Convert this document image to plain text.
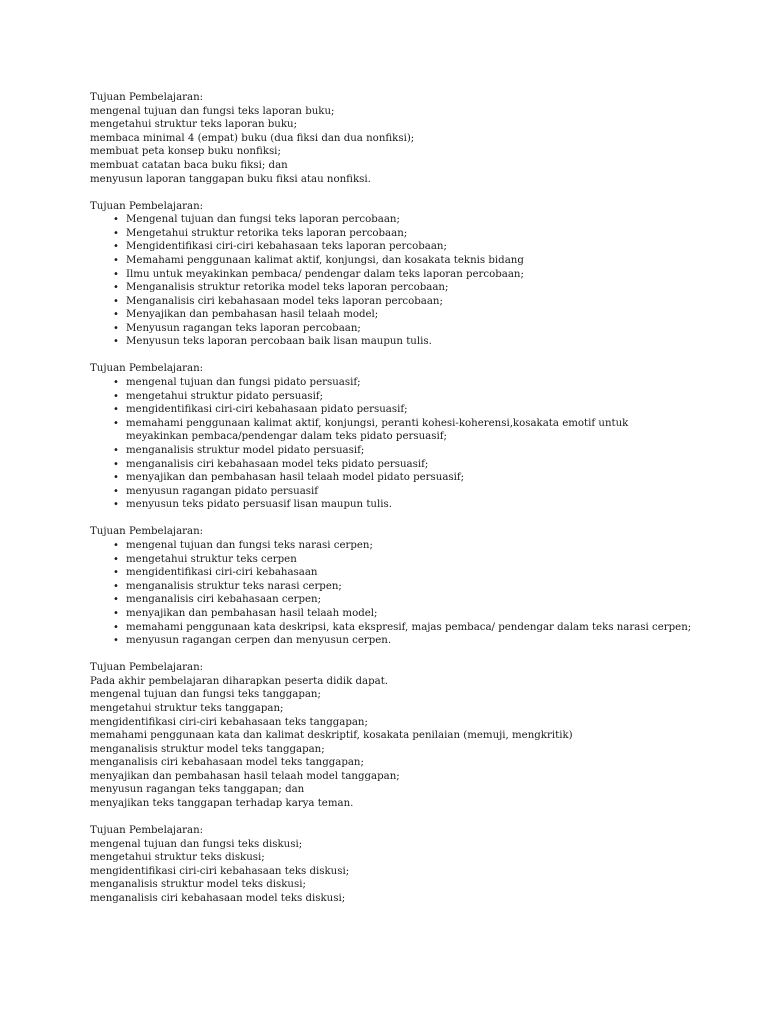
Tujuan Pembelajaran:
mengenal tujuan dan fungsi teks laporan buku;
mengetahui struktur teks laporan buku;
membaca minimal 4 (empat) buku (dua fiksi dan dua nonfiksi);
membuat peta konsep buku nonfiksi;
membuat catatan baca buku fiksi; dan
menyusun laporan tanggapan buku fiksi atau nonfiksi.
Tujuan Pembelajaran:
• Mengenal tujuan dan fungsi teks laporan percobaan;
• Mengetahui struktur retorika teks laporan percobaan;
• Mengidentifikasi ciri-ciri kebahasaan teks laporan percobaan;
• Memahami penggunaan kalimat aktif, konjungsi, dan kosakata teknis bidang
• Ilmu untuk meyakinkan pembaca/ pendengar dalam teks laporan percobaan;
• Menganalisis struktur retorika model teks laporan percobaan;
• Menganalisis ciri kebahasaan model teks laporan percobaan;
• Menyajikan dan pembahasan hasil telaah model;
• Menyusun ragangan teks laporan percobaan;
• Menyusun teks laporan percobaan baik lisan maupun tulis.
Tujuan Pembelajaran:
• mengenal tujuan dan fungsi pidato persuasif;
• mengetahui struktur pidato persuasif;
• mengidentifikasi ciri-ciri kebahasaan pidato persuasif;
• memahami penggunaan kalimat aktif, konjungsi, peranti kohesi-koherensi,kosakata emotif untuk meyakinkan pembaca/pendengar dalam teks pidato persuasif;
• menganalisis struktur model pidato persuasif;
• menganalisis ciri kebahasaan model teks pidato persuasif;
• menyajikan dan pembahasan hasil telaah model pidato persuasif;
• menyusun ragangan pidato persuasif
• menyusun teks pidato persuasif lisan maupun tulis.
Tujuan Pembelajaran:
• mengenal tujuan dan fungsi teks narasi cerpen;
• mengetahui struktur teks cerpen
• mengidentifikasi ciri-ciri kebahasaan
• menganalisis struktur teks narasi cerpen;
• menganalisis ciri kebahasaan cerpen;
• menyajikan dan pembahasan hasil telaah model;
• memahami penggunaan kata deskripsi, kata ekspresif, majas pembaca/ pendengar dalam teks narasi cerpen;
• menyusun ragangan cerpen dan menyusun cerpen.
Tujuan Pembelajaran:
Pada akhir pembelajaran diharapkan peserta didik dapat.
mengenal tujuan dan fungsi teks tanggapan;
mengetahui struktur teks tanggapan;
mengidentifikasi ciri-ciri kebahasaan teks tanggapan;
memahami penggunaan kata dan kalimat deskriptif, kosakata penilaian (memuji, mengkritik)
menganalisis struktur model teks tanggapan;
menganalisis ciri kebahasaan model teks tanggapan;
menyajikan dan pembahasan hasil telaah model tanggapan;
menyusun ragangan teks tanggapan; dan
menyajikan teks tanggapan terhadap karya teman.
Tujuan Pembelajaran:
mengenal tujuan dan fungsi teks diskusi;
mengetahui struktur teks diskusi;
mengidentifikasi ciri-ciri kebahasaan teks diskusi;
menganalisis struktur model teks diskusi;
menganalisis ciri kebahasaan model teks diskusi;
